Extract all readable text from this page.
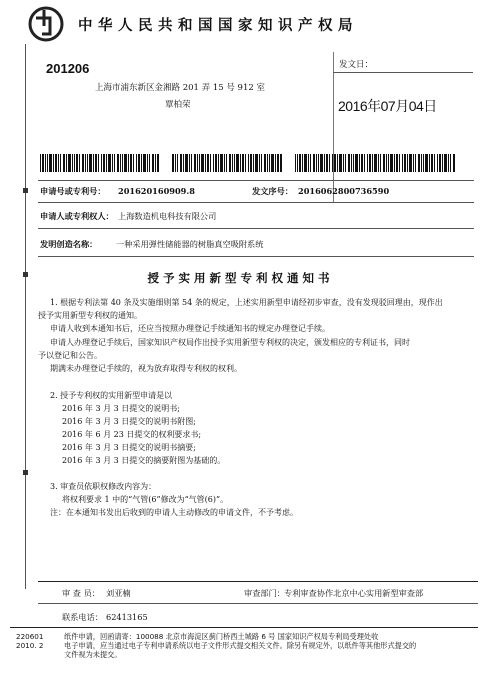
中华人民共和国国家知识产权局
201206
上海市浦东新区金湘路 201 弄 15 号 912 室
覃柏荣
发文日：
2016年07月04日
申请号或专利号： 201620160909.8	发文序号： 2016062800736590
申请人或专利权人： 上海数造机电科技有限公司
发明创造名称： 一种采用弹性储能器的树脂真空吸附系统
授予实用新型专利权通知书
1. 根据专利法第 40 条及实施细则第 54 条的规定，上述实用新型申请经初步审查，没有发现驳回理由，现作出
授予实用新型专利权的通知。
申请人收到本通知书后，还应当按照办理登记手续通知书的规定办理登记手续。
申请人办理登记手续后，国家知识产权局作出授予实用新型专利权的决定，颁发相应的专利证书，同时
予以登记和公告。
期满未办理登记手续的，视为放弃取得专利权的权利。
2. 授予专利权的实用新型申请是以
2016 年 3 月 3 日提交的说明书;
2016 年 3 月 3 日提交的说明书附图;
2016 年 6 月 23 日提交的权利要求书;
2016 年 3 月 3 日提交的说明书摘要;
2016 年 3 月 3 日提交的摘要附图为基础的。
3. 审查员依职权修改内容为：
将权利要求 1 中的“气管(6”修改为“气管(6)”。
注：在本通知书发出后收到的申请人主动修改的申请文件，不予考虑。
审 查 员： 刘亚楠	审查部门： 专利审查协作北京中心实用新型审查部
联系电话： 62413165
220601
2010. 2
纸件申请，回函请寄：100088 北京市海淀区蓟门桥西土城路 6 号 国家知识产权局专利局受理处收
电子申请，应当通过电子专利申请系统以电子文件形式提交相关文件。除另有规定外，以纸件等其他形式提交的
文件视为未提交。
